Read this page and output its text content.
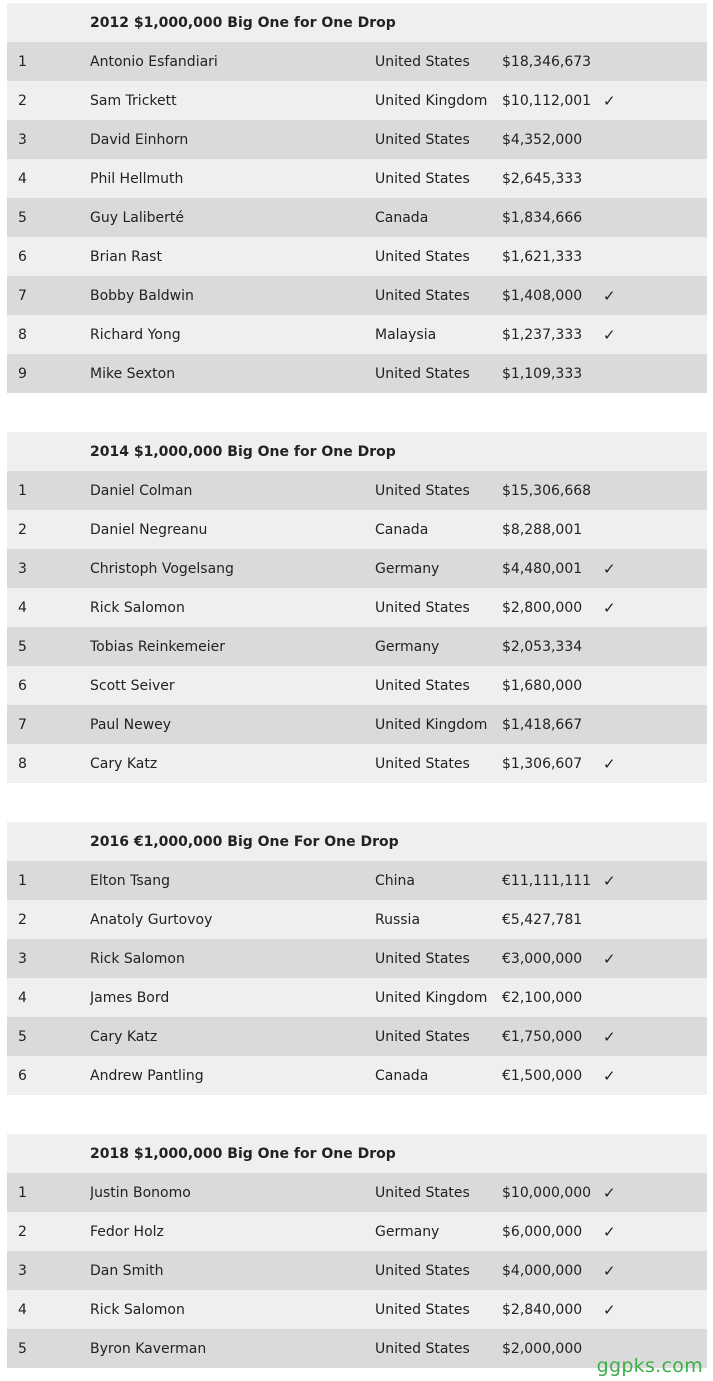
2012 $1,000,000 Big One for One Drop
1	Antonio Esfandiari	United States	$18,346,673
2	Sam Trickett	United Kingdom	$10,112,001 ✓
3	David Einhorn	United States	$4,352,000
4	Phil Hellmuth	United States	$2,645,333
5	Guy Laliberté	Canada	$1,834,666
6	Brian Rast	United States	$1,621,333
7	Bobby Baldwin	United States	$1,408,000	✓
8	Richard Yong	Malaysia	$1,237,333	✓
9	Mike Sexton	United States	$1,109,333
2014 $1,000,000 Big One for One Drop
1	Daniel Colman	United States	$15,306,668
2	Daniel Negreanu	Canada	$8,288,001
3	Christoph Vogelsang	Germany	$4,480,001	✓
4	Rick Salomon	United States	$2,800,000	✓
5	Tobias Reinkemeier	Germany	$2,053,334
6	Scott Seiver	United States	$1,680,000
7	Paul Newey	United Kingdom	$1,418,667
8	Cary Katz	United States	$1,306,607	✓
2016 €1,000,000 Big One For One Drop
1	Elton Tsang	China	€11,111,111 ✓
2	Anatoly Gurtovoy	Russia	€5,427,781
3	Rick Salomon	United States	€3,000,000	✓
4	James Bord	United Kingdom	€2,100,000
5	Cary Katz	United States	€1,750,000	✓
6	Andrew Pantling	Canada	€1,500,000	✓
2018 $1,000,000 Big One for One Drop
1	Justin Bonomo	United States	$10,000,000 ✓
2	Fedor Holz	Germany	$6,000,000	✓
3	Dan Smith	United States	$4,000,000	✓
4	Rick Salomon	United States	$2,840,000	✓
5	Byron Kaverman	United States	$2,000,000
ggpks.com
